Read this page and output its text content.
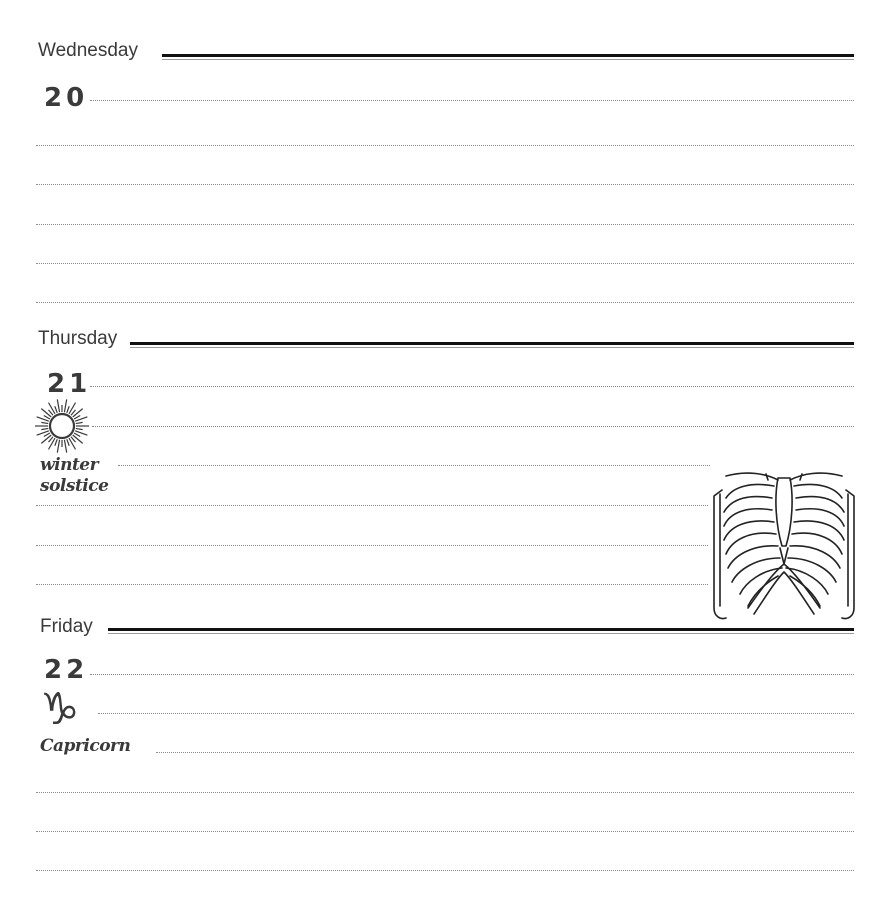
Wednesday
20
Thursday
21
winter
solstice
Friday
22
♑
Capricorn
